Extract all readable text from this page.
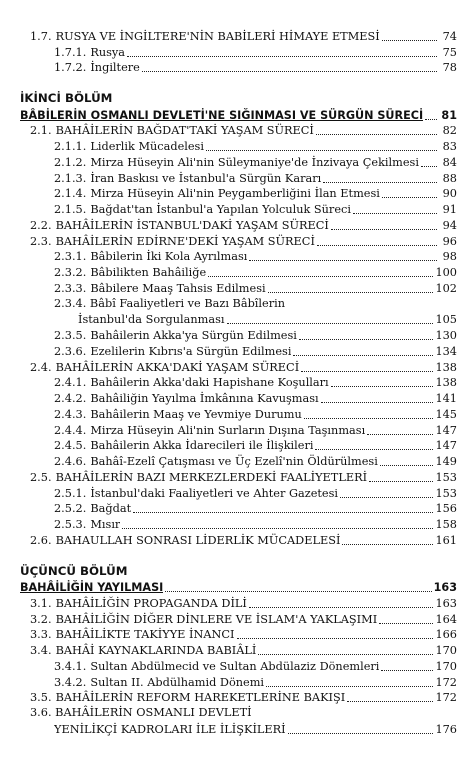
1.7. RUSYA VE İNGİLTERE'NİN BABİLERİ HİMAYE ETMESİ	74
1.7.1. Rusya	75
1.7.2. İngiltere	78
İKİNCİ BÖLÜM
BÂBİLERİN OSMANLI DEVLETİ'NE SIĞINMASI VE SÜRGÜN SÜRECİ 81
2.1. BAHÂİLERİN BAĞDAT'TAKİ YAŞAM SÜRECİ	82
2.1.1. Liderlik Mücadelesi	83
2.1.2. Mirza Hüseyin Ali'nin Süleymaniye'de İnzivaya Çekilmesi	84
2.1.3. İran Baskısı ve İstanbul'a Sürgün Kararı	88
2.1.4. Mirza Hüseyin Ali'nin Peygamberliğini İlan Etmesi	90
2.1.5. Bağdat'tan İstanbul'a Yapılan Yolculuk Süreci	91
2.2. BAHÂİLERİN İSTANBUL'DAKİ YAŞAM SÜRECİ	94
2.3. BAHÂİLERİN EDİRNE'DEKİ YAŞAM SÜRECİ	96
2.3.1. Bâbilerin İki Kola Ayrılması	98
2.3.2. Bâbilikten Bahâiliğe	100
2.3.3. Bâbilere Maaş Tahsis Edilmesi	102
2.3.4. Bâbî Faaliyetleri ve Bazı Bâbîlerin
İstanbul'da Sorgulanması	105
2.3.5. Bahâilerin Akka'ya Sürgün Edilmesi	130
2.3.6. Ezelilerin Kıbrıs'a Sürgün Edilmesi	134
2.4. BAHÂİLERİN AKKA'DAKİ YAŞAM SÜRECİ	138
2.4.1. Bahâilerin Akka'daki Hapishane Koşulları	138
2.4.2. Bahâiliğin Yayılma İmkânına Kavuşması	141
2.4.3. Bahâilerin Maaş ve Yevmiye Durumu	145
2.4.4. Mirza Hüseyin Ali'nin Surların Dışına Taşınması	147
2.4.5. Bahâilerin Akka İdarecileri ile İlişkileri	147
2.4.6. Bahâî-Ezelî Çatışması ve Üç Ezelî'nin Öldürülmesi	149
2.5. BAHÂİLERİN BAZI MERKEZLERDEKİ FAALİYETLERİ	153
2.5.1. İstanbul'daki Faaliyetleri ve Ahter Gazetesi	153
2.5.2. Bağdat	156
2.5.3. Mısır	158
2.6. BAHAULLAH SONRASI LİDERLİK MÜCADELESİ	161
ÜÇÜNCÜ BÖLÜM
BAHÂİLİĞİN YAYILMASI	163
3.1. BAHÂİLİĞİN PROPAGANDA DİLİ	163
3.2. BAHÂİLİĞİN DİĞER DİNLERE VE İSLAM'A YAKLAŞIMI	164
3.3. BAHÂİLİKTE TAKİYYE İNANCI	166
3.4. BAHÂİ KAYNAKLARINDA BABIÂLİ	170
3.4.1. Sultan Abdülmecid ve Sultan Abdülaziz Dönemleri	170
3.4.2. Sultan II. Abdülhamid Dönemi	172
3.5. BAHÂİLERİN REFORM HAREKETLERİNE BAKIŞI	172
3.6. BAHÂİLERİN OSMANLI DEVLETİ
YENİLİKÇİ KADROLARI İLE İLİŞKİLERİ	176
